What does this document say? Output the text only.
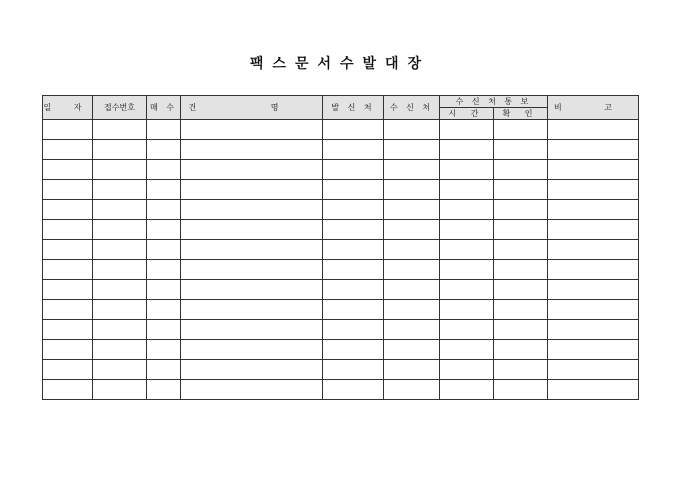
팩스문서수발대장
일 자	접수번호	매 수	건 명	발 신 처	수 신 처	수 신 처 통 보		비 고
						시 간	확 인	
